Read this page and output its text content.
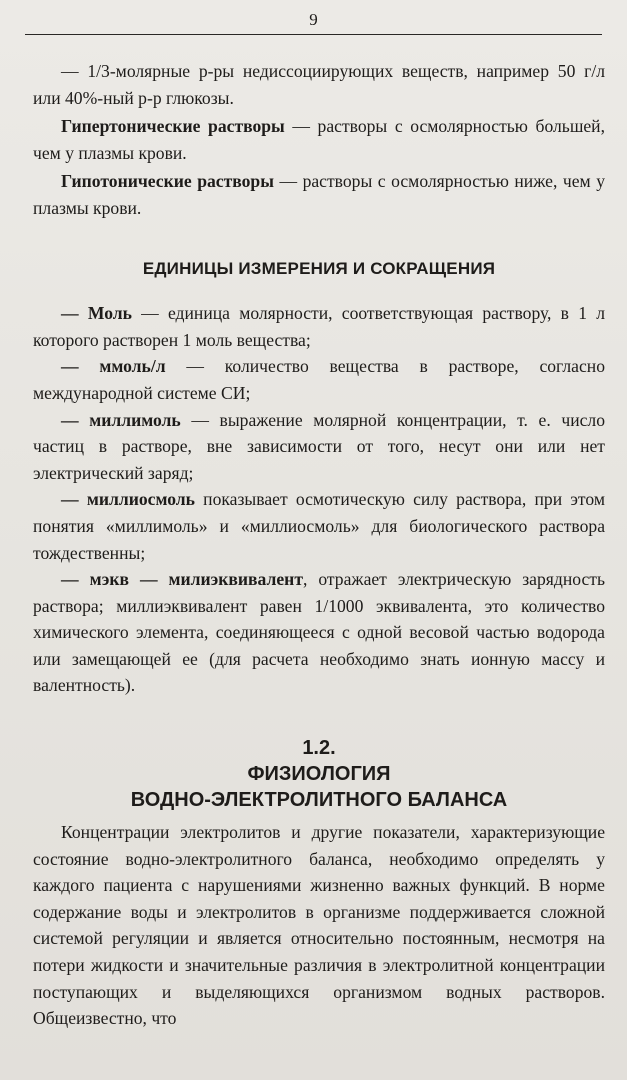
9

— 1/3-молярные р-ры недиссоциирующих веществ, например 50 г/л или 40%-ный р-р глюкозы.

Гипертонические растворы — растворы с осмолярностью большей, чем у плазмы крови.

Гипотонические растворы — растворы с осмолярностью ниже, чем у плазмы крови.

ЕДИНИЦЫ ИЗМЕРЕНИЯ И СОКРАЩЕНИЯ

— Моль — единица молярности, соответствующая раствору, в 1 л которого растворен 1 моль вещества;

— ммоль/л — количество вещества в растворе, согласно международной системе СИ;

— миллимоль — выражение молярной концентрации, т. е. число частиц в растворе, вне зависимости от того, несут они или нет электрический заряд;

— миллиосмоль показывает осмотическую силу раствора, при этом понятия «миллимоль» и «миллиосмоль» для биологического раствора тождественны;

— мэкв — милиэквивалент, отражает электрическую зарядность раствора; миллиэквивалент равен 1/1000 эквивалента, это количество химического элемента, соединяющееся с одной весовой частью водорода или замещающей ее (для расчета необходимо знать ионную массу и валентность).

1.2.
ФИЗИОЛОГИЯ
ВОДНО-ЭЛЕКТРОЛИТНОГО БАЛАНСА

Концентрации электролитов и другие показатели, характеризующие состояние водно-электролитного баланса, необходимо определять у каждого пациента с нарушениями жизненно важных функций. В норме содержание воды и электролитов в организме поддерживается сложной системой регуляции и является относительно постоянным, несмотря на потери жидкости и значительные различия в электролитной концентрации поступающих и выделяющихся организмом водных растворов. Общеизвестно, что
